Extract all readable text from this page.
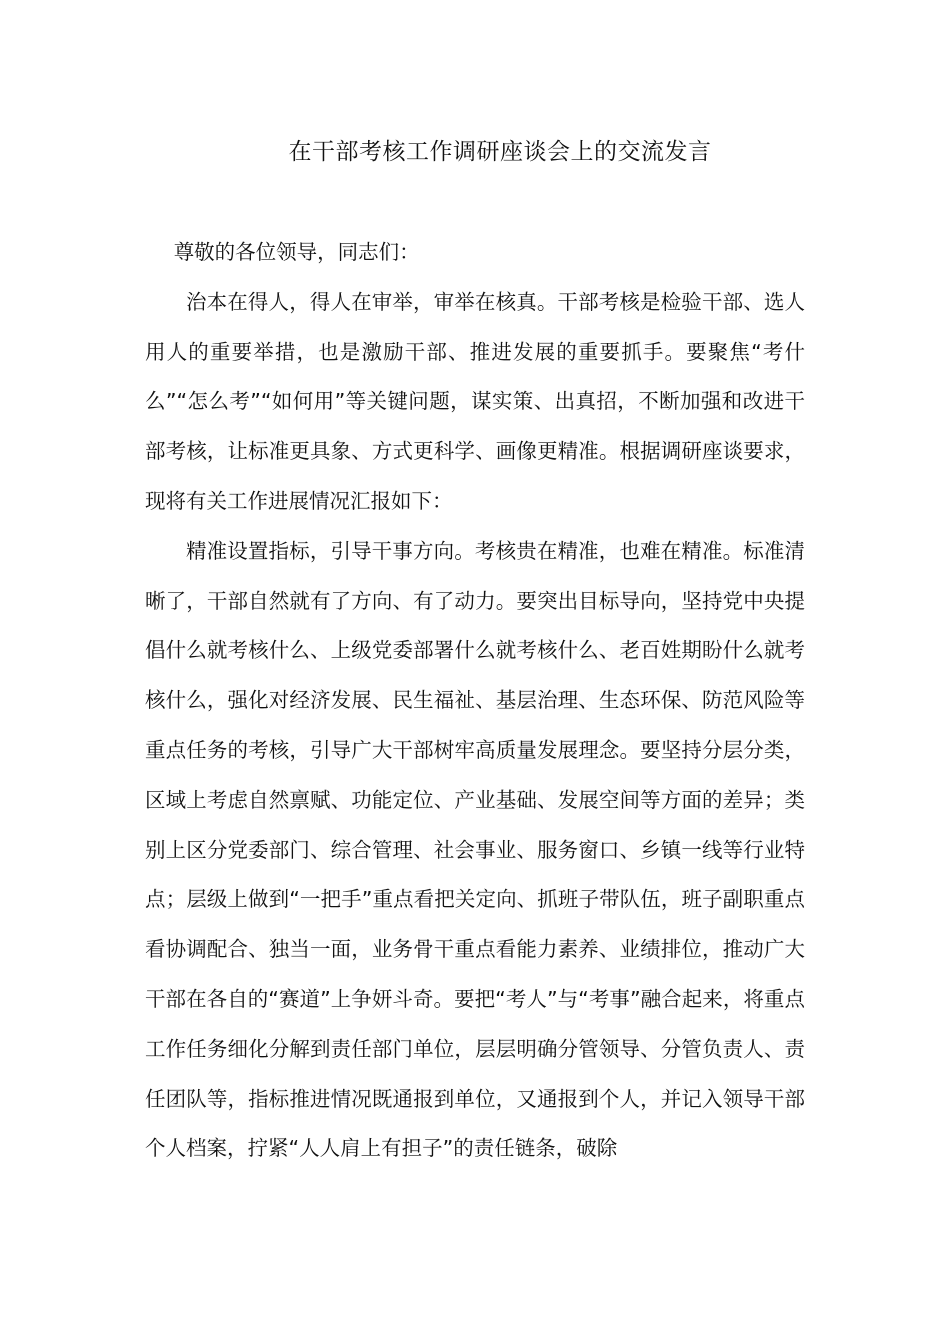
在干部考核工作调研座谈会上的交流发言

尊敬的各位领导，同志们：

治本在得人，得人在审举，审举在核真。干部考核是检验干部、选人用人的重要举措，也是激励干部、推进发展的重要抓手。要聚焦“考什么”“怎么考”“如何用”等关键问题，谋实策、出真招，不断加强和改进干部考核，让标准更具象、方式更科学、画像更精准。根据调研座谈要求，现将有关工作进展情况汇报如下：

精准设置指标，引导干事方向。考核贵在精准，也难在精准。标准清晰了，干部自然就有了方向、有了动力。要突出目标导向，坚持党中央提倡什么就考核什么、上级党委部署什么就考核什么、老百姓期盼什么就考核什么，强化对经济发展、民生福祉、基层治理、生态环保、防范风险等重点任务的考核，引导广大干部树牢高质量发展理念。要坚持分层分类，区域上考虑自然禀赋、功能定位、产业基础、发展空间等方面的差异；类别上区分党委部门、综合管理、社会事业、服务窗口、乡镇一线等行业特点；层级上做到“一把手”重点看把关定向、抓班子带队伍，班子副职重点看协调配合、独当一面，业务骨干重点看能力素养、业绩排位，推动广大干部在各自的“赛道”上争妍斗奇。要把“考人”与“考事”融合起来，将重点工作任务细化分解到责任部门单位，层层明确分管领导、分管负责人、责任团队等，指标推进情况既通报到单位，又通报到个人，并记入领导干部个人档案，拧紧“人人肩上有担子”的责任链条，破除
